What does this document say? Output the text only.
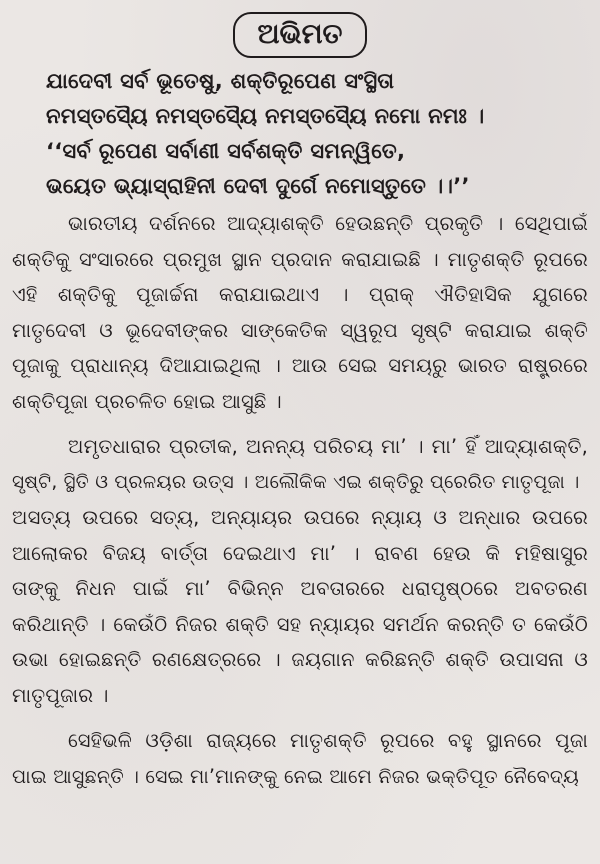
ଅଭିମତ
ଯାଦେବୀ ସର୍ବ ଭୂତେଷୁ, ଶକ୍ତିରୂପେଣ ସଂସ୍ଥିତା
ନମସ୍ତସ୍ୟୈ ନମସ୍ତସ୍ୟୈ ନମସ୍ତସ୍ୟୈ ନମୋ ନମଃ ।
‘‘ସର୍ବ ରୂପେଣ ସର୍ବାଣୀ ସର୍ବଶକ୍ତି ସମନ୍ୱିତେ,
ଭୟେତ ଭ୍ୟାସ୍ରାହିନୀ ଦେବୀ ଦୁର୍ଗେ ନମୋସ୍ତୁତେ ।।’’
ଭାରତୀୟ ଦର୍ଶନରେ ଆଦ୍ୟାଶକ୍ତି ହେଉଛନ୍ତି ପ୍ରକୃତି । ସେଥିପାଇଁ
ଶକ୍ତିକୁ ସଂସାରରେ ପ୍ରମୁଖ ସ୍ଥାନ ପ୍ରଦାନ କରାଯାଇଛି । ମାତୃଶକ୍ତି ରୂପରେ
ଏହି ଶକ୍ତିକୁ ପୂଜାର୍ଚ୍ଚନା କରାଯାଇଥାଏ । ପ୍ରାକ୍ ଐତିହାସିକ ଯୁଗରେ
ମାତୃଦେବୀ ଓ ଭୂଦେବୀଙ୍କର ସାଙ୍କେତିକ ସ୍ୱରୂପ ସୃଷ୍ଟି କରାଯାଇ ଶକ୍ତି
ପୂଜାକୁ ପ୍ରାଧାନ୍ୟ ଦିଆଯାଇଥିଲା । ଆଉ ସେଇ ସମୟରୁ ଭାରତ ରାଷ୍ଟ୍ରରେ
ଶକ୍ତିପୂଜା ପ୍ରଚଳିତ ହୋଇ ଆସୁଛି ।
ଅମୃତଧାରାର ପ୍ରତୀକ, ଅନନ୍ୟ ପରିଚୟ ମା’ । ମା’ ହିଁ ଆଦ୍ୟାଶକ୍ତି,
ସୃଷ୍ଟି, ସ୍ଥିତି ଓ ପ୍ରଳୟର ଉତ୍ସ । ଅଲୌକିକ ଏଇ ଶକ୍ତିରୁ ପ୍ରେରିତ ମାତୃପୂଜା ।
ଅସତ୍ୟ ଉପରେ ସତ୍ୟ, ଅନ୍ୟାୟର ଉପରେ ନ୍ୟାୟ ଓ ଅନ୍ଧାର ଉପରେ
ଆଲୋକର ବିଜୟ ବାର୍ତ୍ତା ଦେଇଥାଏ ମା’ । ରାବଣ ହେଉ କି ମହିଷାସୁର
ତାଙ୍କୁ ନିଧନ ପାଇଁ ମା’ ବିଭିନ୍ନ ଅବତାରରେ ଧରାପୃଷ୍ଠରେ ଅବତରଣ
କରିଥାନ୍ତି । କେଉଁଠି ନିଜର ଶକ୍ତି ସହ ନ୍ୟାୟର ସମର୍ଥନ କରନ୍ତି ତ କେଉଁଠି
ଉଭା ହୋଇଛନ୍ତି ରଣକ୍ଷେତ୍ରରେ । ଜୟଗାନ କରିଛନ୍ତି ଶକ୍ତି ଉପାସନା ଓ
ମାତୃପୂଜାର ।
ସେହିଭଳି ଓଡ଼ିଶା ରାଜ୍ୟରେ ମାତୃଶକ୍ତି ରୂପରେ ବହୁ ସ୍ଥାନରେ ପୂଜା
ପାଇ ଆସୁଛନ୍ତି । ସେଇ ମା’ମାନଙ୍କୁ ନେଇ ଆମେ ନିଜର ଭକ୍ତିପୂତ ନୈବେଦ୍ୟ
